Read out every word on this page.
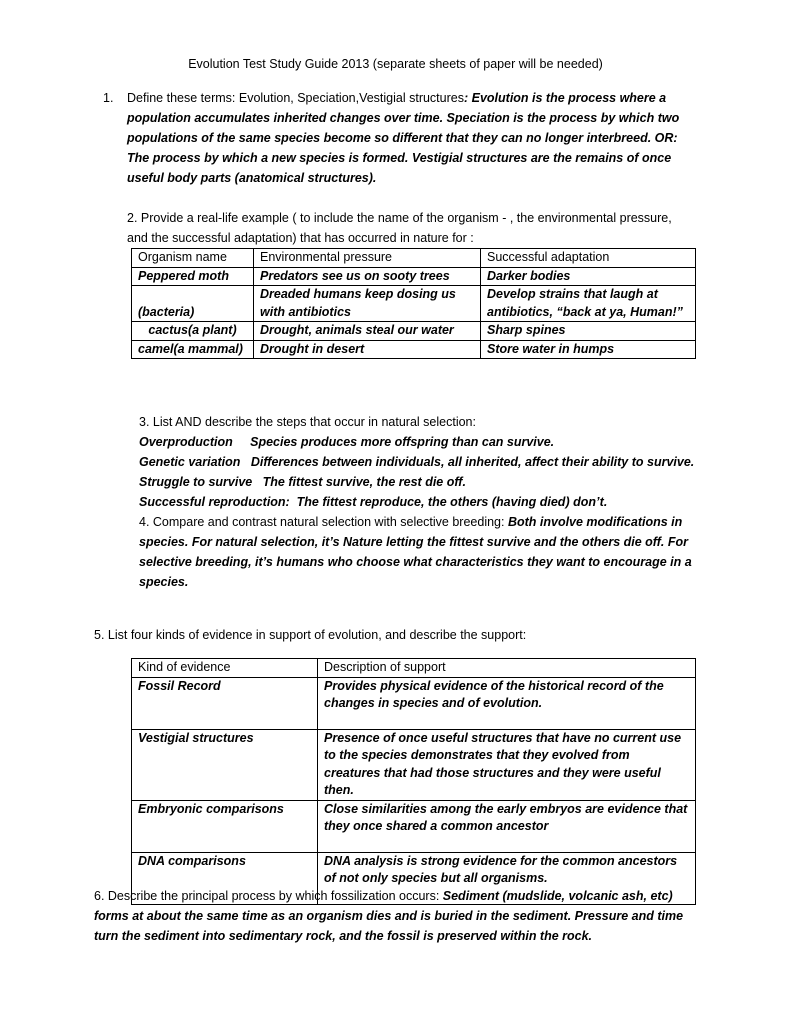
Evolution Test Study Guide 2013 (separate sheets of paper will be needed)
1. Define these terms: Evolution, Speciation,Vestigial structures: Evolution is the process where a population accumulates inherited changes over time. Speciation is the process by which two populations of the same species become so different that they can no longer interbreed. OR: The process by which a new species is formed. Vestigial structures are the remains of once useful body parts (anatomical structures).
2. Provide a real-life example ( to include the name of the organism - , the environmental pressure, and the successful adaptation) that has occurred in nature for :
Organism name	Environmental pressure	Successful adaptation
Peppered moth	Predators see us on sooty trees	Darker bodies
(bacteria)	Dreaded humans keep dosing us with antibiotics	Develop strains that laugh at antibiotics, “back at ya, Human!”
cactus(a plant)	Drought, animals steal our water	Sharp spines
camel(a mammal)	Drought in desert	Store water in humps
3. List AND describe the steps that occur in natural selection:
Overproduction     Species produces more offspring than can survive.
Genetic variation   Differences between individuals, all inherited, affect their ability to survive.
Struggle to survive   The fittest survive, the rest die off.
Successful reproduction:  The fittest reproduce, the others (having died) don’t.
4. Compare and contrast natural selection with selective breeding: Both involve modifications in species. For natural selection, it’s Nature letting the fittest survive and the others die off. For selective breeding, it’s humans who choose what characteristics they want to encourage in a species.
5. List four kinds of evidence in support of evolution, and describe the support:
Kind of evidence	Description of support
Fossil Record	Provides physical evidence of the historical record of the changes in species and of evolution.
Vestigial structures	Presence of once useful structures that have no current use to the species demonstrates that they evolved from creatures that had those structures and they were useful then.
Embryonic comparisons	Close similarities among the early embryos are evidence that they once shared a common ancestor
DNA comparisons	DNA analysis is strong evidence for the common ancestors of not only species but all organisms.
6. Describe the principal process by which fossilization occurs: Sediment (mudslide, volcanic ash, etc) forms at about the same time as an organism dies and is buried in the sediment. Pressure and time turn the sediment into sedimentary rock, and the fossil is preserved within the rock.
